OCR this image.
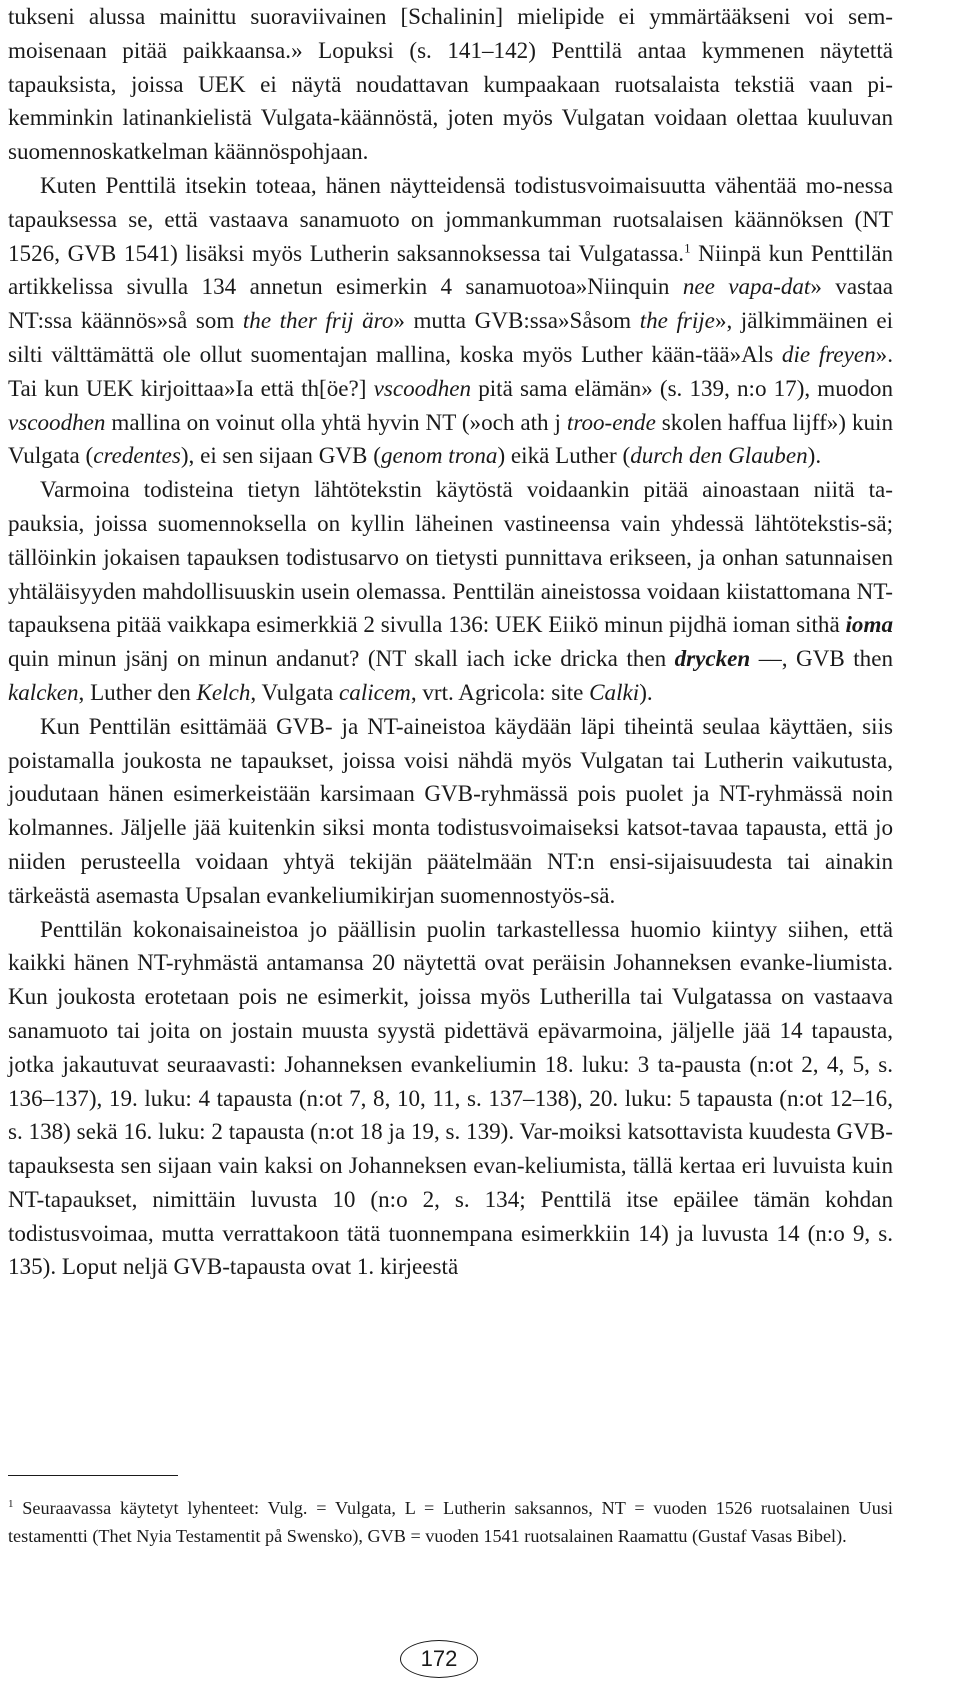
tukseni alussa mainittu suoraviivainen [Schalinin] mielipide ei ymmärtääkseni voi sem-moisenaan pitää paikkaansa.» Lopuksi (s. 141–142) Penttilä antaa kymmenen näytettä tapauksista, joissa UEK ei näytä noudattavan kumpaakaan ruotsalaista tekstiä vaan pi-kemminkin latinankielistä Vulgata-käännöstä, joten myös Vulgatan voidaan olettaa kuuluvan suomennoskatkelman käännöspohjaan.

Kuten Penttilä itsekin toteaa, hänen näytteidensä todistusvoimaisuutta vähentää mo-nessa tapauksessa se, että vastaava sanamuoto on jommankumman ruotsalaisen käännöksen (NT 1526, GVB 1541) lisäksi myös Lutherin saksannoksessa tai Vulgatassa.$^1$ Niinpä kun Penttilän artikkelissa sivulla 134 annetun esimerkin 4 sanamuotoa»Niinquin nee vapa-dat» vastaa NT:ssa käännös»så som the ther frij äro» mutta GVB:ssa»Såsom the frije», jälkimmäinen ei silti välttämättä ole ollut suomentajan mallina, koska myös Luther kään-tää»Als die freyen». Tai kun UEK kirjoittaa»Ia että th[öe?] vscoodhen pitä sama elämän» (s. 139, n:o 17), muodon vscoodhen mallina on voinut olla yhtä hyvin NT (»och ath j troo-ende skolen haffua lijff») kuin Vulgata (credentes), ei sen sijaan GVB (genom trona) eikä Luther (durch den Glauben).

Varmoina todisteina tietyn lähtötekstin käytöstä voidaankin pitää ainoastaan niitä ta-pauksia, joissa suomennoksella on kyllin läheinen vastineensa vain yhdessä lähtötekstis-sä; tällöinkin jokaisen tapauksen todistusarvo on tietysti punnittava erikseen, ja onhan satunnaisen yhtäläisyyden mahdollisuuskin usein olemassa. Penttilän aineistossa voidaan kiistattomana NT-tapauksena pitää vaikkapa esimerkkiä 2 sivulla 136: UEK Eiikö minun pijdhä ioman sithä ioma quin minun jsänj on minun andanut? (NT skall iach icke dricka then drycken ––, GVB then kalcken, Luther den Kelch, Vulgata calicem, vrt. Agricola: site Calki).

Kun Penttilän esittämää GVB- ja NT-aineistoa käydään läpi tiheintä seulaa käyttäen, siis poistamalla joukosta ne tapaukset, joissa voisi nähdä myös Vulgatan tai Lutherin vaikutusta, joudutaan hänen esimerkeistään karsimaan GVB-ryhmässä pois puolet ja NT-ryhmässä noin kolmannes. Jäljelle jää kuitenkin siksi monta todistusvoimaiseksi katsot-tavaa tapausta, että jo niiden perusteella voidaan yhtyä tekijän päätelmään NT:n ensi-sijaisuudesta tai ainakin tärkeästä asemasta Upsalan evankeliumikirjan suomennostyös-sä.

Penttilän kokonaisaineistoa jo päällisin puolin tarkastellessa huomio kiintyy siihen, että kaikki hänen NT-ryhmästä antamansa 20 näytettä ovat peräisin Johanneksen evanke-liumista. Kun joukosta erotetaan pois ne esimerkit, joissa myös Lutherilla tai Vulgatassa on vastaava sanamuoto tai joita on jostain muusta syystä pidettävä epävarmoina, jäljelle jää 14 tapausta, jotka jakautuvat seuraavasti: Johanneksen evankeliumin 18. luku: 3 ta-pausta (n:ot 2, 4, 5, s. 136–137), 19. luku: 4 tapausta (n:ot 7, 8, 10, 11, s. 137–138), 20. luku: 5 tapausta (n:ot 12–16, s. 138) sekä 16. luku: 2 tapausta (n:ot 18 ja 19, s. 139). Var-moiksi katsottavista kuudesta GVB-tapauksesta sen sijaan vain kaksi on Johanneksen evan-keliumista, tällä kertaa eri luvuista kuin NT-tapaukset, nimittäin luvusta 10 (n:o 2, s. 134; Penttilä itse epäilee tämän kohdan todistusvoimaa, mutta verrattakoon tätä tuonnempana esimerkkiin 14) ja luvusta 14 (n:o 9, s. 135). Loput neljä GVB-tapausta ovat 1. kirjeestä

$^1$ Seuraavassa käytetyt lyhenteet: Vulg. = Vulgata, L = Lutherin saksannos, NT = vuoden 1526 ruotsalainen Uusi testamentti (Thet Nyia Testamentit på Swensko), GVB = vuoden 1541 ruotsalainen Raamattu (Gustaf Vasas Bibel).

172
